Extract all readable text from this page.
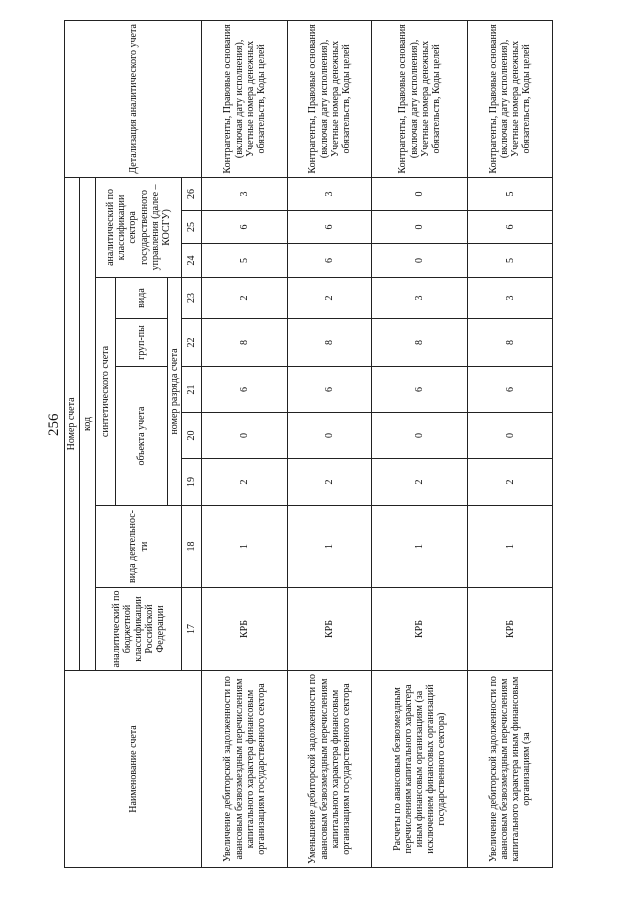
256
Наименование счета	Номер счета										Детализация аналитического учета
	код										
	аналитический по бюджетной классификации Российской Федерации	вида деятельнос-ти	синтетического счета					аналитический по классификации сектора государственного управления (далее – КОСГУ)			
			объекта учета			груп-пы	вида				
			номер разряда счета								
	17	18	19	20	21	22	23	24	25	26	
Увеличение дебиторской задолженности по авансовым безвозмездным перечислениям капитального характера финансовым организациям государственного сектора	КРБ	1	2	0	6	8	2	5	6	3	Контрагенты, Правовые основания (включая дату исполнения), Учетные номера денежных обязательств, Коды целей
Уменьшение дебиторской задолженности по авансовым безвозмездным перечислениям капитального характера финансовым организациям государственного сектора	КРБ	1	2	0	6	8	2	6	6	3	Контрагенты, Правовые основания (включая дату исполнения), Учетные номера денежных обязательств, Коды целей
Расчеты по авансовым безвозмездным перечислениям капитального характера иным финансовым организациям (за исключением финансовых организаций государственного сектора)	КРБ	1	2	0	6	8	3	0	0	0	Контрагенты, Правовые основания (включая дату исполнения), Учетные номера денежных обязательств, Коды целей
Увеличение дебиторской задолженности по авансовым безвозмездным перечислениям капитального характера иным финансовым организациям (за	КРБ	1	2	0	6	8	3	5	6	5	Контрагенты, Правовые основания (включая дату исполнения), Учетные номера денежных обязательств, Коды целей
